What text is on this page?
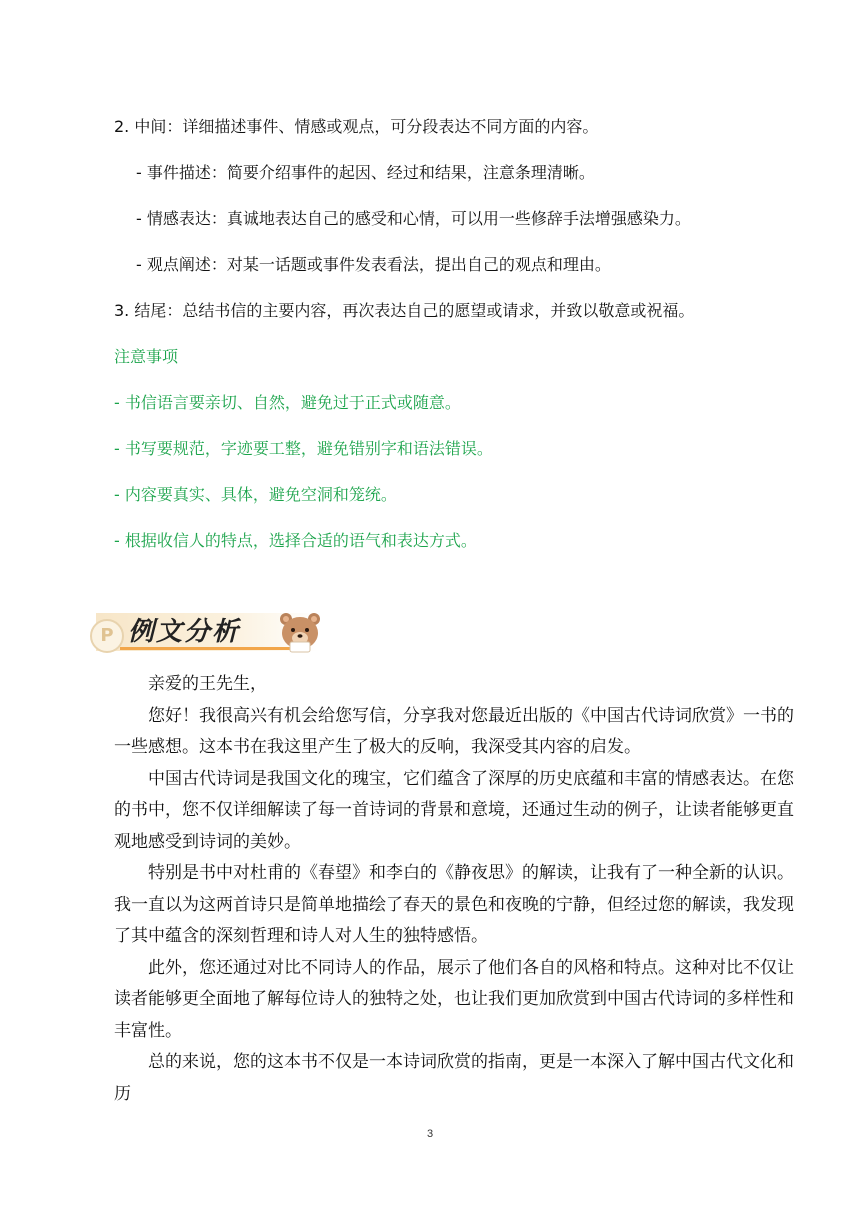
2. 中间：详细描述事件、情感或观点，可分段表达不同方面的内容。
- 事件描述：简要介绍事件的起因、经过和结果，注意条理清晰。
- 情感表达：真诚地表达自己的感受和心情，可以用一些修辞手法增强感染力。
- 观点阐述：对某一话题或事件发表看法，提出自己的观点和理由。
3. 结尾：总结书信的主要内容，再次表达自己的愿望或请求，并致以敬意或祝福。
注意事项
- 书信语言要亲切、自然，避免过于正式或随意。
- 书写要规范，字迹要工整，避免错别字和语法错误。
- 内容要真实、具体，避免空洞和笼统。
- 根据收信人的特点，选择合适的语气和表达方式。
P 例文分析

亲爱的王先生，

您好！我很高兴有机会给您写信，分享我对您最近出版的《中国古代诗词欣赏》一书的一些感想。这本书在我这里产生了极大的反响，我深受其内容的启发。

中国古代诗词是我国文化的瑰宝，它们蕴含了深厚的历史底蕴和丰富的情感表达。在您的书中，您不仅详细解读了每一首诗词的背景和意境，还通过生动的例子，让读者能够更直观地感受到诗词的美妙。

特别是书中对杜甫的《春望》和李白的《静夜思》的解读，让我有了一种全新的认识。我一直以为这两首诗只是简单地描绘了春天的景色和夜晚的宁静，但经过您的解读，我发现了其中蕴含的深刻哲理和诗人对人生的独特感悟。

此外，您还通过对比不同诗人的作品，展示了他们各自的风格和特点。这种对比不仅让读者能够更全面地了解每位诗人的独特之处，也让我们更加欣赏到中国古代诗词的多样性和丰富性。

总的来说，您的这本书不仅是一本诗词欣赏的指南，更是一本深入了解中国古代文化和历

3
